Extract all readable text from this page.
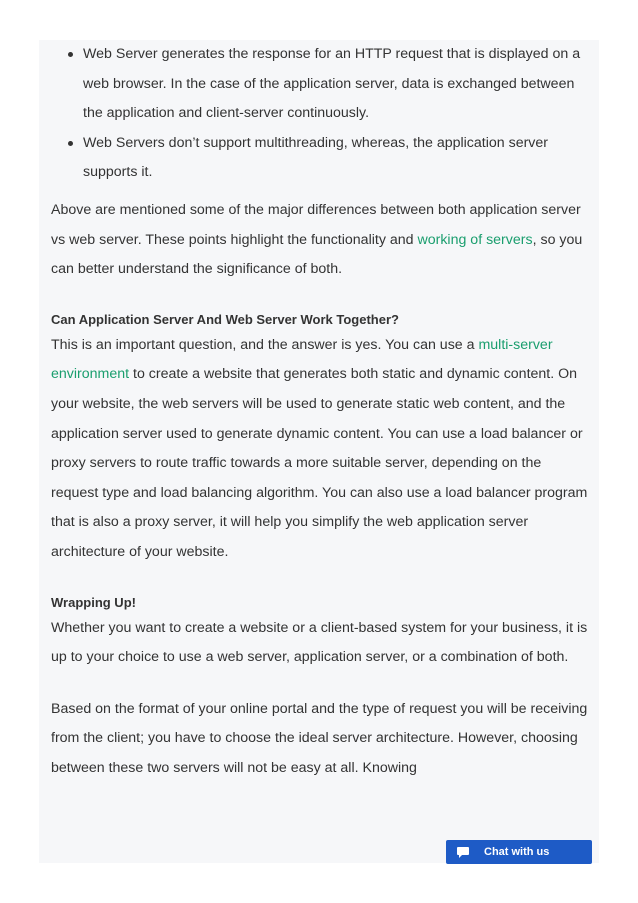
Web Server generates the response for an HTTP request that is displayed on a web browser. In the case of the application server, data is exchanged between the application and client-server continuously.
Web Servers don’t support multithreading, whereas, the application server supports it.

Above are mentioned some of the major differences between both application server vs web server. These points highlight the functionality and working of servers, so you can better understand the significance of both.

Can Application Server And Web Server Work Together?

This is an important question, and the answer is yes. You can use a multi-server environment to create a website that generates both static and dynamic content. On your website, the web servers will be used to generate static web content, and the application server used to generate dynamic content. You can use a load balancer or proxy servers to route traffic towards a more suitable server, depending on the request type and load balancing algorithm. You can also use a load balancer program that is also a proxy server, it will help you simplify the web application server architecture of your website.

Wrapping Up!

Whether you want to create a website or a client-based system for your business, it is up to your choice to use a web server, application server, or a combination of both.

Based on the format of your online portal and the type of request you will be receiving from the client; you have to choose the ideal server architecture. However, choosing between these two servers will not be easy at all. Knowing

Chat with us
